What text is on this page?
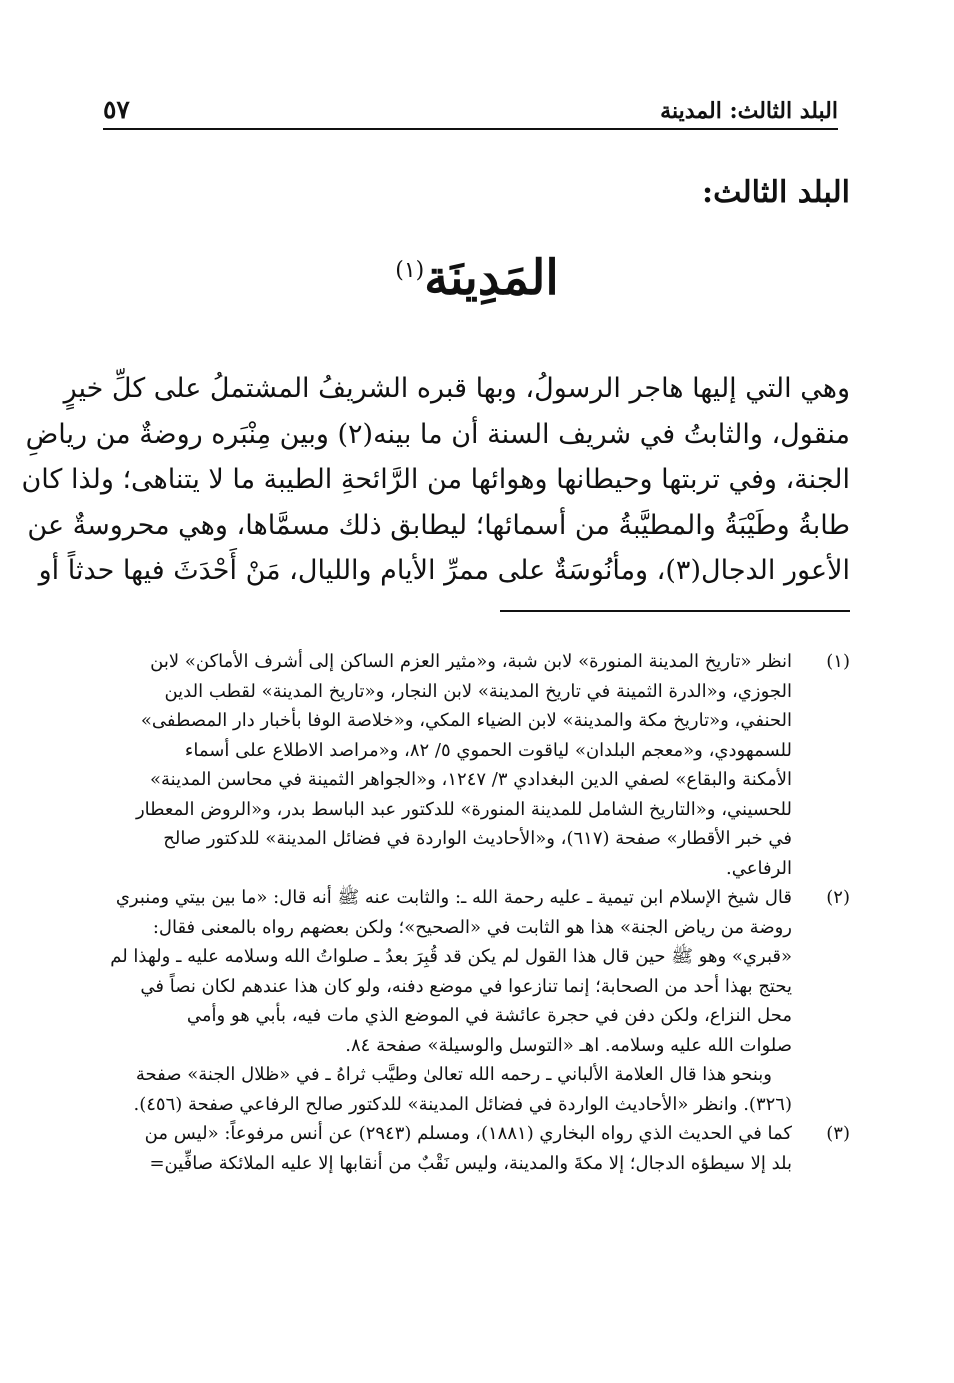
البلد الثالث: المدينة
٥٧
البلد الثالث:
المَدِينَة$^{(١)}$
وهي التي إليها هاجر الرسولُ، وبها قبره الشريفُ المشتملُ على كلِّ خيرٍ
منقول، والثابتُ في شريف السنة أن ما بينه(٢) وبين مِنْبَره روضةٌ من رياضِ
الجنة، وفي تربتها وحيطانها وهوائها من الرَّائحةِ الطيبة ما لا يتناهى؛ ولذا كان
طابةُ وطَيْبَةُ والمطيَّبةُ من أسمائها؛ ليطابق ذلك مسمَّاها، وهي محروسةٌ عن
الأعور الدجال(٣)، ومأنُوسَةٌ على ممرِّ الأيام والليال، مَنْ أَحْدَثَ فيها حدثاً أو
(١)
انظر «تاريخ المدينة المنورة» لابن شبة، و«مثير العزم الساكن إلى أشرف الأماكن» لابن
الجوزي، و«الدرة الثمينة في تاريخ المدينة» لابن النجار، و«تاريخ المدينة» لقطب الدين
الحنفي، و«تاريخ مكة والمدينة» لابن الضياء المكي، و«خلاصة الوفا بأخبار دار المصطفى»
للسمهودي، و«معجم البلدان» لياقوت الحموي ٥/ ٨٢، و«مراصد الاطلاع على أسماء
الأمكنة والبقاع» لصفي الدين البغدادي ٣/ ١٢٤٧، و«الجواهر الثمينة في محاسن المدينة»
للحسيني، و«التاريخ الشامل للمدينة المنورة» للدكتور عبد الباسط بدر، و«الروض المعطار
في خبر الأقطار» صفحة (٦١٧)، و«الأحاديث الواردة في فضائل المدينة» للدكتور صالح
الرفاعي.
(٢)
قال شيخ الإسلام ابن تيمية ـ عليه رحمة الله ـ: والثابت عنه ﷺ أنه قال: «ما بين بيتي ومنبري
روضة من رياض الجنة» هذا هو الثابت في «الصحيح»؛ ولكن بعضهم رواه بالمعنى فقال:
«قبري» وهو ﷺ حين قال هذا القول لم يكن قد قُبِرَ بعدُ ـ صلواتُ الله وسلامه عليه ـ ولهذا لم
يحتج بهذا أحد من الصحابة؛ إنما تنازعوا في موضع دفنه، ولو كان هذا عندهم لكان نصاً في
محل النزاع، ولكن دفن في حجرة عائشة في الموضع الذي مات فيه، بأبي هو وأمي
صلوات الله عليه وسلامه. اهـ «التوسل والوسيلة» صفحة ٨٤.
وبنحو هذا قال العلامة الألباني ـ رحمه الله تعالىٰ وطيَّب ثراهُ ـ في «ظلال الجنة» صفحة
(٣٢٦). وانظر «الأحاديث الواردة في فضائل المدينة» للدكتور صالح الرفاعي صفحة (٤٥٦).
(٣)
كما في الحديث الذي رواه البخاري (١٨٨١)، ومسلم (٢٩٤٣) عن أنس مرفوعاً: «ليس من
بلد إلا سيطؤه الدجال؛ إلا مكةَ والمدينة، وليس نَقْبٌ من أنقابها إلا عليه الملائكة صافِّين=
